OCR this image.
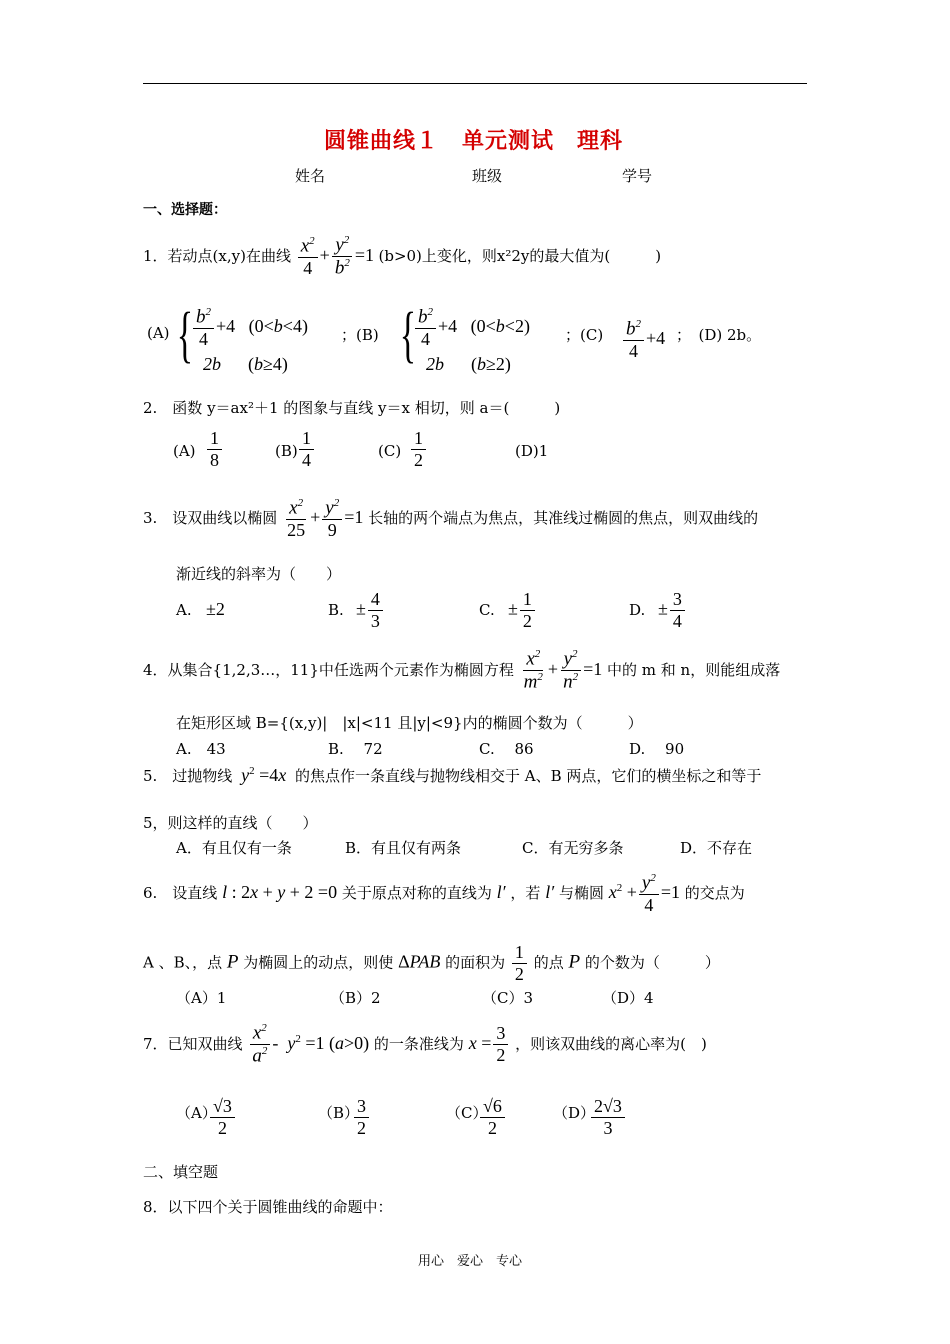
圆锥曲线１　单元测试　理科
姓名	班级	学号
一、选择题：
1．若动点(x,y)在曲线 $\frac{x^2}{4} + \frac{y^2}{b^2} =1$ (b>0)上变化，则x²2y的最大值为(　　　)
(A) { $\frac{b^2}{4} +4$   (0<b<4)
2b      (b≥4)
；(B) {
$\frac{b^2}{4} +4$   (0<b<2)
2b      (b≥2)
；$(C) \frac{b^2}{4} +4$ ；　(D) 2b。
2.　函数 y＝ax²＋1 的图象与直线 y＝x 相切，则 a＝(　　　)
$(A) \frac{1}{8}$	$(B) \frac{1}{4}$	$(C) \frac{1}{2}$	(D)1
3.　设双曲线以椭圆 $\frac{x^2}{25} + \frac{y^2}{9} =1$ 长轴的两个端点为焦点，其准线过椭圆的焦点，则双曲线的
渐近线的斜率为（　　）
A. ±2	B. ± $\frac{4}{3}$	C. ± $\frac{1}{2}$	D. ± $\frac{3}{4}$
4．从集合{1,2,3…，11}中任选两个元素作为椭圆方程 $\frac{x^2}{m^2} + \frac{y^2}{n^2} =1$ 中的 m 和 n，则能组成落
在矩形区域 B={(x,y)|　|x|<11 且|y|<9}内的椭圆个数为（　　　）
A.　43	B.　 72	C.　 86	D.　 90
5.　过抛物线 $y^2 =4x$ 的焦点作一条直线与抛物线相交于 A、B 两点，它们的横坐标之和等于
5，则这样的直线（　　）
A．有且仅有一条	B．有且仅有两条	C．有无穷多条	D．不存在
6.　设直线 l : 2x + y + 2 =0 关于原点对称的直线为 l′ ，若 l′ 与椭圆 $x^2 + \frac{y^2}{4} =1$ 的交点为
A 、B、，点 P 为椭圆上的动点，则使 ΔPAB 的面积为 $\frac{1}{2}$ 的点 P 的个数为（　　　）
（A）1	（B）2	（C）3	（D）4
7．已知双曲线 $\frac{x^2}{a^2} - y^2 =1$ (a>0) 的一条准线为 $x = \frac{3}{2}$ ，则该双曲线的离心率为(　)
（A）
$\frac{√3}{2}$	（B）
$\frac{3}{2}$	（C）
$\frac{√6}{2}$	（D）
$\frac{2√3}{3}$
二、填空题
8．以下四个关于圆锥曲线的命题中：
用心　爱心　专心
